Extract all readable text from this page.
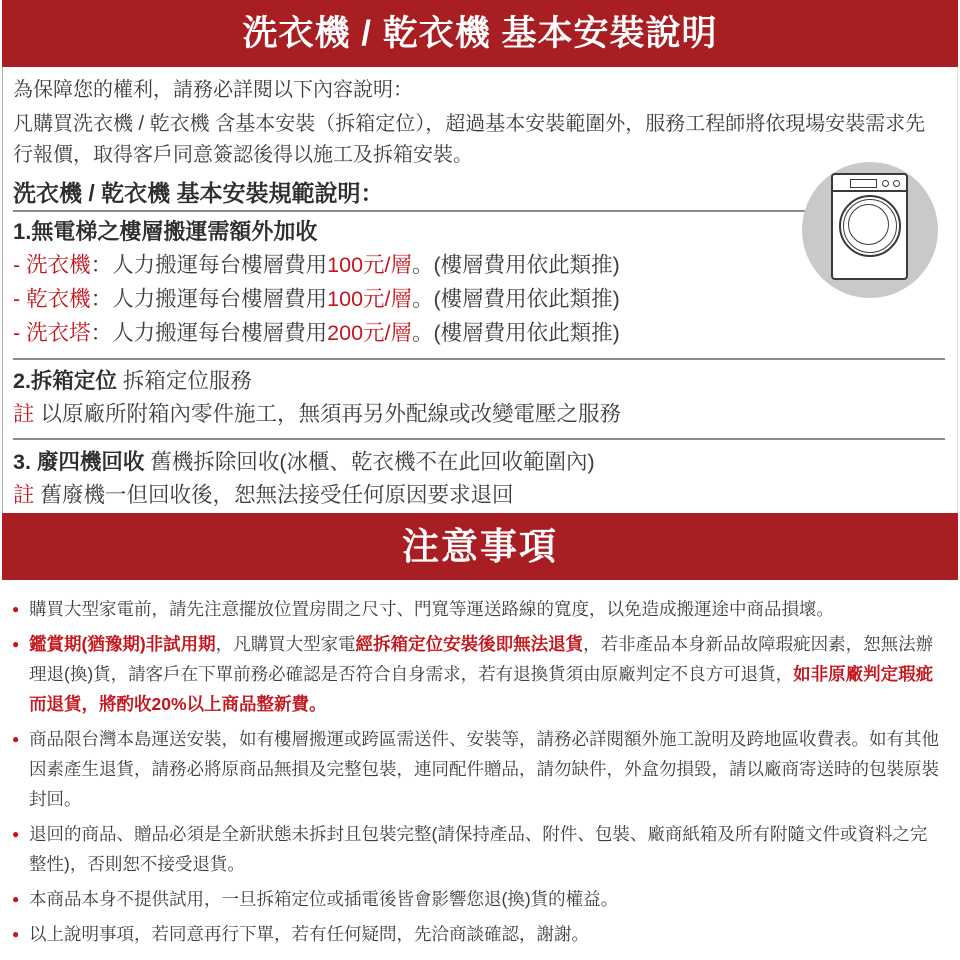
洗衣機 / 乾衣機 基本安裝說明
為保障您的權利，請務必詳閱以下內容說明：
凡購買洗衣機 / 乾衣機 含基本安裝（拆箱定位），超過基本安裝範圍外，服務工程師將依現場安裝需求先行報價，取得客戶同意簽認後得以施工及拆箱安裝。
洗衣機 / 乾衣機 基本安裝規範說明：
1.無電梯之樓層搬運需額外加收
- 洗衣機：人力搬運每台樓層費用100元/層。(樓層費用依此類推)
- 乾衣機：人力搬運每台樓層費用100元/層。(樓層費用依此類推)
- 洗衣塔：人力搬運每台樓層費用200元/層。(樓層費用依此類推)
2.拆箱定位 拆箱定位服務
註 以原廠所附箱內零件施工，無須再另外配線或改變電壓之服務
3. 廢四機回收 舊機拆除回收(冰櫃、乾衣機不在此回收範圍內)
註 舊廢機一但回收後，恕無法接受任何原因要求退回
注意事項
● 購買大型家電前，請先注意擺放位置房間之尺寸、門寬等運送路線的寬度，以免造成搬運途中商品損壞。
● 鑑賞期(猶豫期)非試用期，凡購買大型家電經拆箱定位安裝後即無法退貨，若非產品本身新品故障瑕疵因素，恕無法辦理退(換)貨，請客戶在下單前務必確認是否符合自身需求，若有退換貨須由原廠判定不良方可退貨，如非原廠判定瑕疵而退貨，將酌收20%以上商品整新費。
● 商品限台灣本島運送安裝，如有樓層搬運或跨區需送件、安裝等，請務必詳閱額外施工說明及跨地區收費表。如有其他因素產生退貨，請務必將原商品無損及完整包裝，連同配件贈品，請勿缺件，外盒勿損毀，請以廠商寄送時的包裝原裝封回。
● 退回的商品、贈品必須是全新狀態未拆封且包裝完整(請保持產品、附件、包裝、廠商紙箱及所有附隨文件或資料之完整性)，否則恕不接受退貨。
● 本商品本身不提供試用，一旦拆箱定位或插電後皆會影響您退(換)貨的權益。
● 以上說明事項，若同意再行下單，若有任何疑問，先洽商談確認，謝謝。
